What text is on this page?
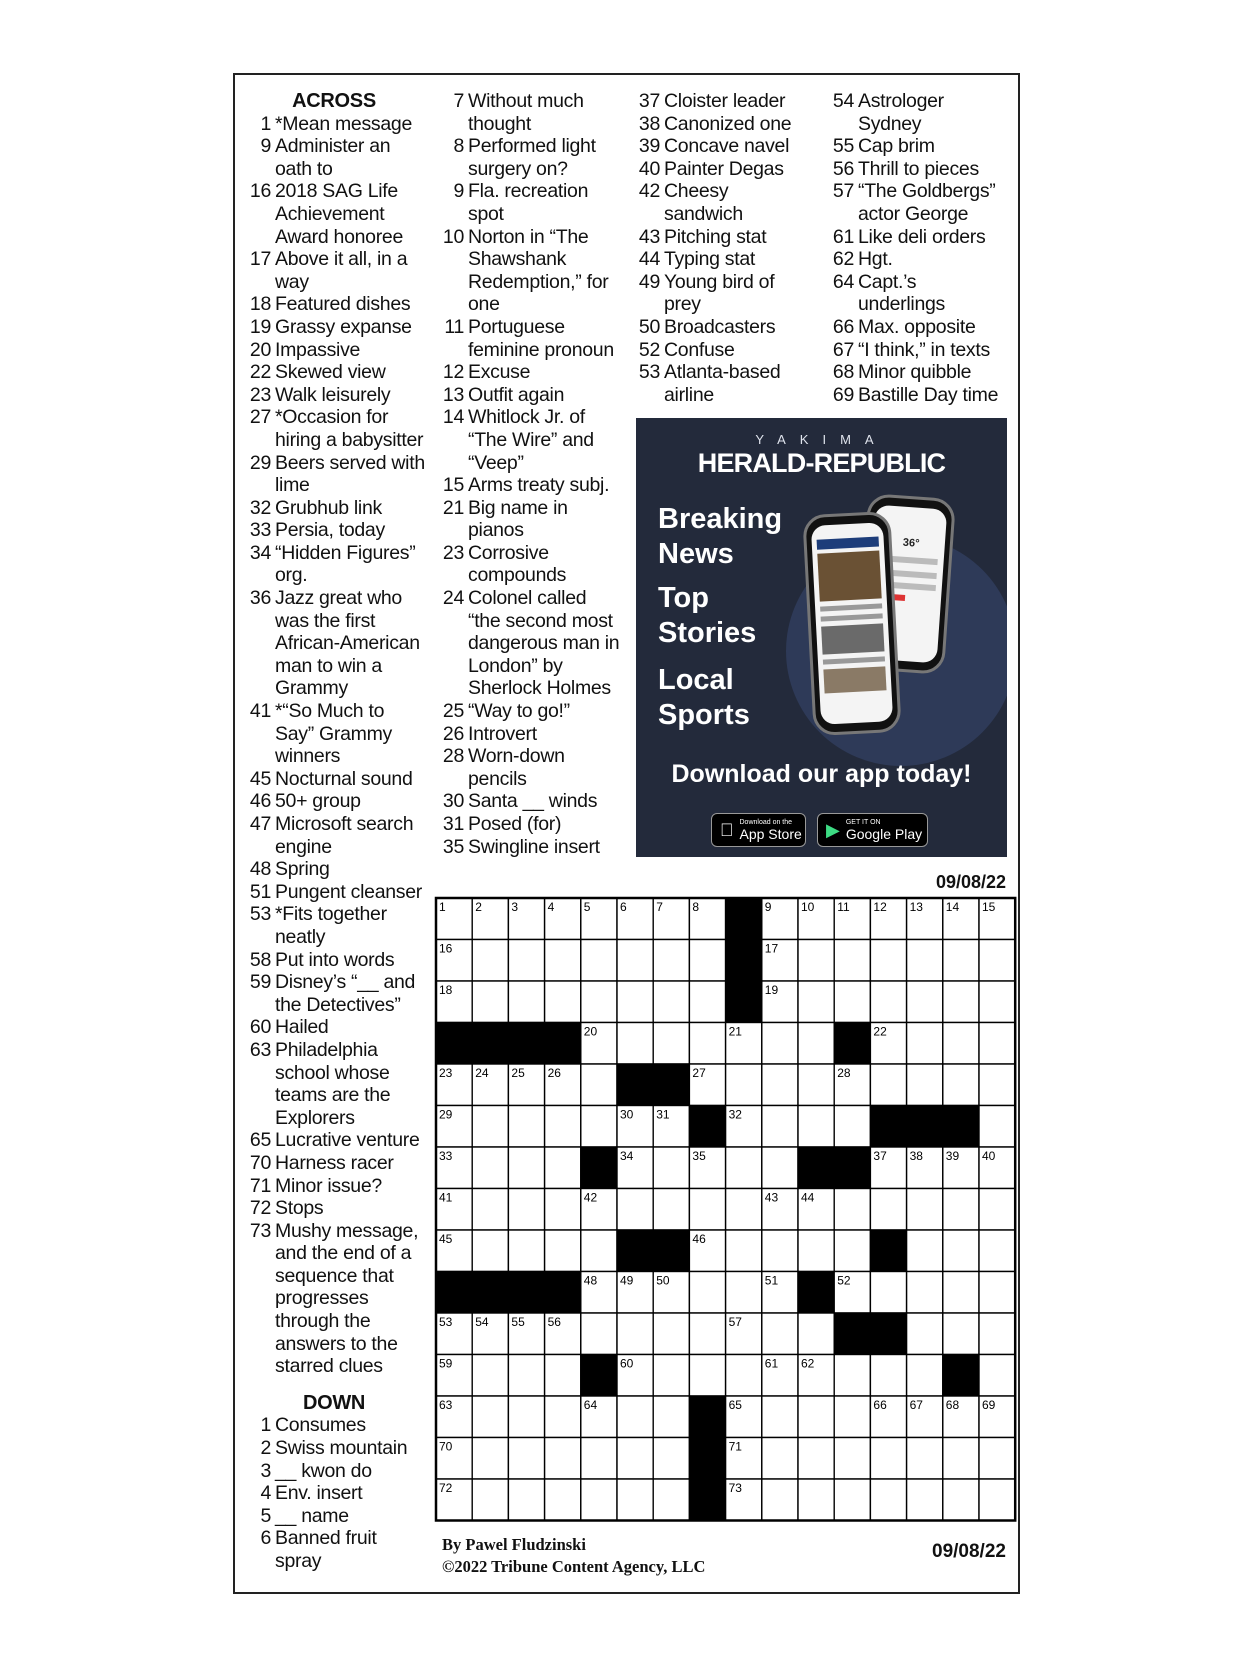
ACROSS
1 *Mean message
9 Administer an oath to
16 2018 SAG Life Achievement Award honoree
17 Above it all, in a way
18 Featured dishes
19 Grassy expanse
20 Impassive
22 Skewed view
23 Walk leisurely
27 *Occasion for hiring a babysitter
29 Beers served with lime
32 Grubhub link
33 Persia, today
34 “Hidden Figures” org.
36 Jazz great who was the first African-American man to win a Grammy
41 *“So Much to Say” Grammy winners
45 Nocturnal sound
46 50+ group
47 Microsoft search engine
48 Spring
51 Pungent cleanser
53 *Fits together neatly
58 Put into words
59 Disney’s “__ and the Detectives”
60 Hailed
63 Philadelphia school whose teams are the Explorers
65 Lucrative venture
70 Harness racer
71 Minor issue?
72 Stops
73 Mushy message, and the end of a sequence that progresses through the answers to the starred clues
DOWN
1 Consumes
2 Swiss mountain
3 __ kwon do
4 Env. insert
5 __ name
6 Banned fruit spray
7 Without much thought
8 Performed light surgery on?
9 Fla. recreation spot
10 Norton in “The Shawshank Redemption,” for one
11 Portuguese feminine pronoun
12 Excuse
13 Outfit again
14 Whitlock Jr. of “The Wire” and “Veep”
15 Arms treaty subj.
21 Big name in pianos
23 Corrosive compounds
24 Colonel called “the second most dangerous man in London” by Sherlock Holmes
25 “Way to go!”
26 Introvert
28 Worn-down pencils
30 Santa __ winds
31 Posed (for)
35 Swingline insert
37 Cloister leader
38 Canonized one
39 Concave navel
40 Painter Degas
42 Cheesy sandwich
43 Pitching stat
44 Typing stat
49 Young bird of prey
50 Broadcasters
52 Confuse
53 Atlanta-based airline
54 Astrologer Sydney
55 Cap brim
56 Thrill to pieces
57 “The Goldbergs” actor George
61 Like deli orders
62 Hgt.
64 Capt.’s underlings
66 Max. opposite
67 “I think,” in texts
68 Minor quibble
69 Bastille Day time
YAKIMA
HERALD-REPUBLIC
Breaking News
Top Stories
Local Sports
36°
Download our app today!
Download on the
App Store ▶ GET IT ON
Google Play
09/08/22
1 2 3 4 5 6 7 8	9 10 11 12 13 14 15
16	17
18	19
20	21	22
23 24 25 26	27	28
29	30 31	32
33	34	35	36 37 38 39 40
41	42	43 44
45	46	47
48 49 50	51	52
53 54 55 56	57	58
59	60	61 62
63	64	65	66 67 68 69
70	71
72	73
By Pawel Fludzinski
©2022 Tribune Content Agency, LLC
09/08/22
